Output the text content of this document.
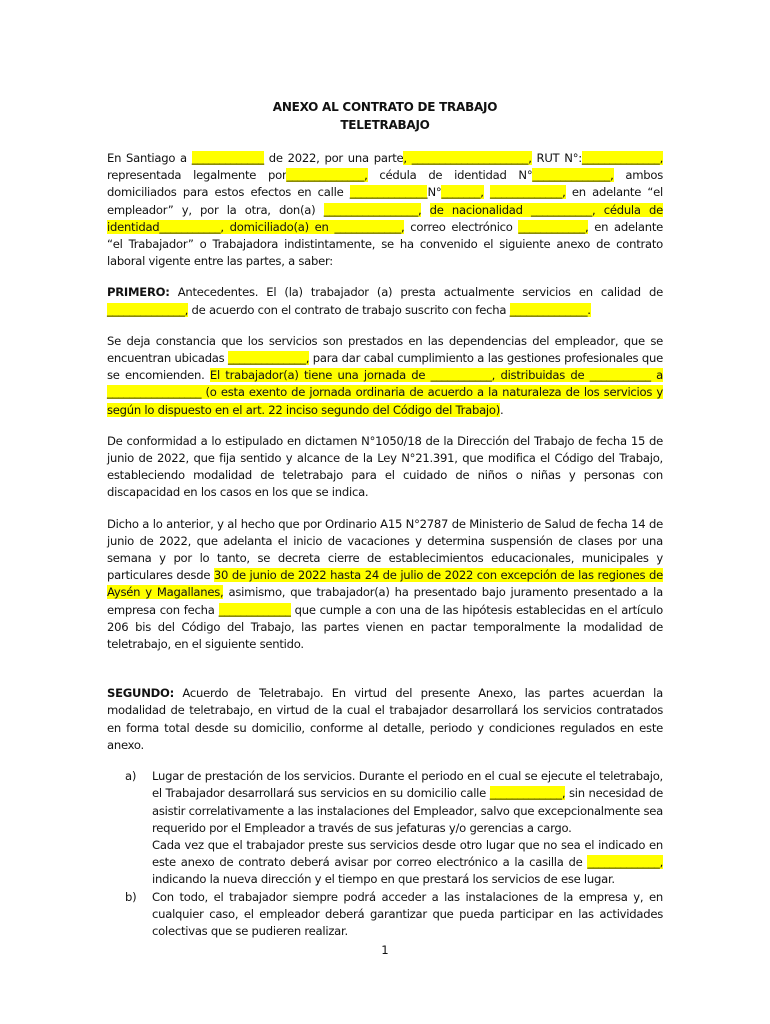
ANEXO AL CONTRATO DE TRABAJO
TELETRABAJO

En Santiago a _____________ de 2022, por una parte, _____________________, RUT N°:______________, representada legalmente por______________, cédula de identidad N°______________, ambos domiciliados para estos efectos en calle ______________N°_______, _____________, en adelante “el empleador” y, por la otra, don(a) _________________, de nacionalidad ___________, cédula de identidad___________, domiciliado(a) en ____________, correo electrónico ____________, en adelante “el Trabajador” o Trabajadora indistintamente, se ha convenido el siguiente anexo de contrato laboral vigente entre las partes, a saber:

PRIMERO: Antecedentes. El (la) trabajador (a) presta actualmente servicios en calidad de ______________, de acuerdo con el contrato de trabajo suscrito con fecha ______________.

Se deja constancia que los servicios son prestados en las dependencias del empleador, que se encuentran ubicadas ______________, para dar cabal cumplimiento a las gestiones profesionales que se encomienden. El trabajador(a) tiene una jornada de ___________, distribuidas de ___________ a _________________ (o esta exento de jornada ordinaria de acuerdo a la naturaleza de los servicios y según lo dispuesto en el art. 22 inciso segundo del Código del Trabajo).

De conformidad a lo estipulado en dictamen N°1050/18 de la Dirección del Trabajo de fecha 15 de junio de 2022, que fija sentido y alcance de la Ley N°21.391, que modifica el Código del Trabajo, estableciendo modalidad de teletrabajo para el cuidado de niños o niñas y personas con discapacidad en los casos en los que se indica.

Dicho a lo anterior, y al hecho que por Ordinario A15 N°2787 de Ministerio de Salud de fecha 14 de junio de 2022, que adelanta el inicio de vacaciones y determina suspensión de clases por una semana y por lo tanto, se decreta cierre de establecimientos educacionales, municipales y particulares desde 30 de junio de 2022 hasta 24 de julio de 2022 con excepción de las regiones de Aysén y Magallanes, asimismo, que trabajador(a) ha presentado bajo juramento presentado a la empresa con fecha _____________ que cumple a con una de las hipótesis establecidas en el artículo 206 bis del Código del Trabajo, las partes vienen en pactar temporalmente la modalidad de teletrabajo, en el siguiente sentido.

SEGUNDO: Acuerdo de Teletrabajo. En virtud del presente Anexo, las partes acuerdan la modalidad de teletrabajo, en virtud de la cual el trabajador desarrollará los servicios contratados en forma total desde su domicilio, conforme al detalle, periodo y condiciones regulados en este anexo.

a) Lugar de prestación de los servicios. Durante el periodo en el cual se ejecute el teletrabajo, el Trabajador desarrollará sus servicios en su domicilio calle _____________, sin necesidad de asistir correlativamente a las instalaciones del Empleador, salvo que excepcionalmente sea requerido por el Empleador a través de sus jefaturas y/o gerencias a cargo.
Cada vez que el trabajador preste sus servicios desde otro lugar que no sea el indicado en este anexo de contrato deberá avisar por correo electrónico a la casilla de _____________, indicando la nueva dirección y el tiempo en que prestará los servicios de ese lugar.
b) Con todo, el trabajador siempre podrá acceder a las instalaciones de la empresa y, en cualquier caso, el empleador deberá garantizar que pueda participar en las actividades colectivas que se pudieren realizar.
1
